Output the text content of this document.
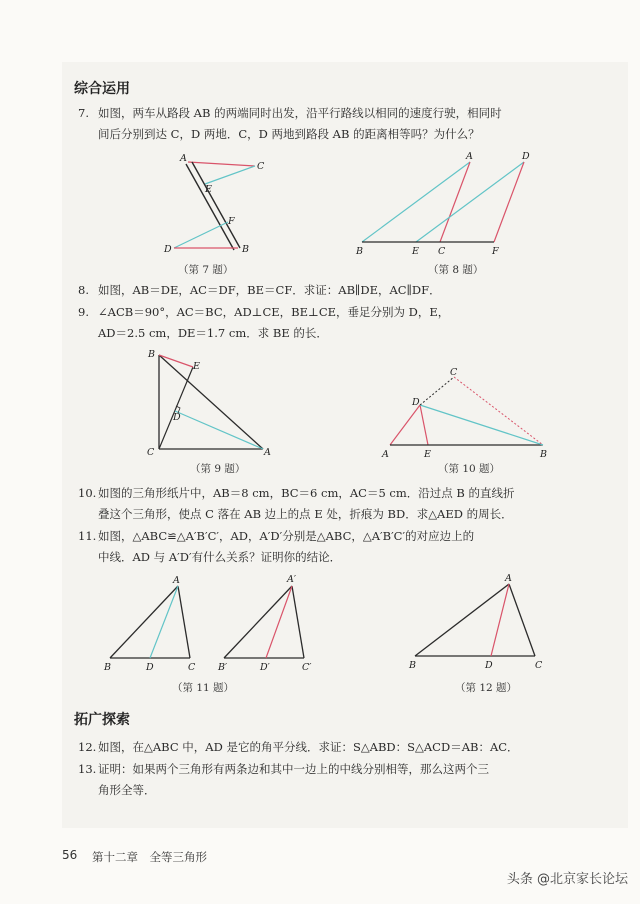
综合运用
7. 如图，两车从路段 AB 的两端同时出发，沿平行路线以相同的速度行驶，相同时
间后分别到达 C，D 两地．C，D 两地到路段 AB 的距离相等吗？为什么？
A
C
E
F
D	B
（第 7 题）
A	D
B	E C	F
（第 8 题）
8. 如图，AB＝DE，AC＝DF，BE＝CF．求证：AB∥DE，AC∥DF．
9. ∠ACB＝90°，AC＝BC，AD⊥CE，BE⊥CE，垂足分别为 D，E，
AD＝2.5 cm，DE＝1.7 cm．求 BE 的长．
B
E
D
C	A
（第 9 题）
C
D
A	E	B
（第 10 题）
10. 如图的三角形纸片中，AB＝8 cm，BC＝6 cm，AC＝5 cm．沿过点 B 的直线折
叠这个三角形，使点 C 落在 AB 边上的点 E 处，折痕为 BD．求△AED 的周长．
11. 如图，△ABC≌△A′B′C′，AD，A′D′分别是△ABC，△A′B′C′的对应边上的
中线．AD 与 A′D′有什么关系？证明你的结论．
A
B	D	C
A′
B′	D′	C′
（第 11 题）
A
B	D	C
（第 12 题）
拓广探索
12. 如图，在△ABC 中，AD 是它的角平分线．求证：S△ABD：S△ACD＝AB：AC．
13. 证明：如果两个三角形有两条边和其中一边上的中线分别相等，那么这两个三
角形全等．
56 第十二章　全等三角形
头条 @北京家长论坛
